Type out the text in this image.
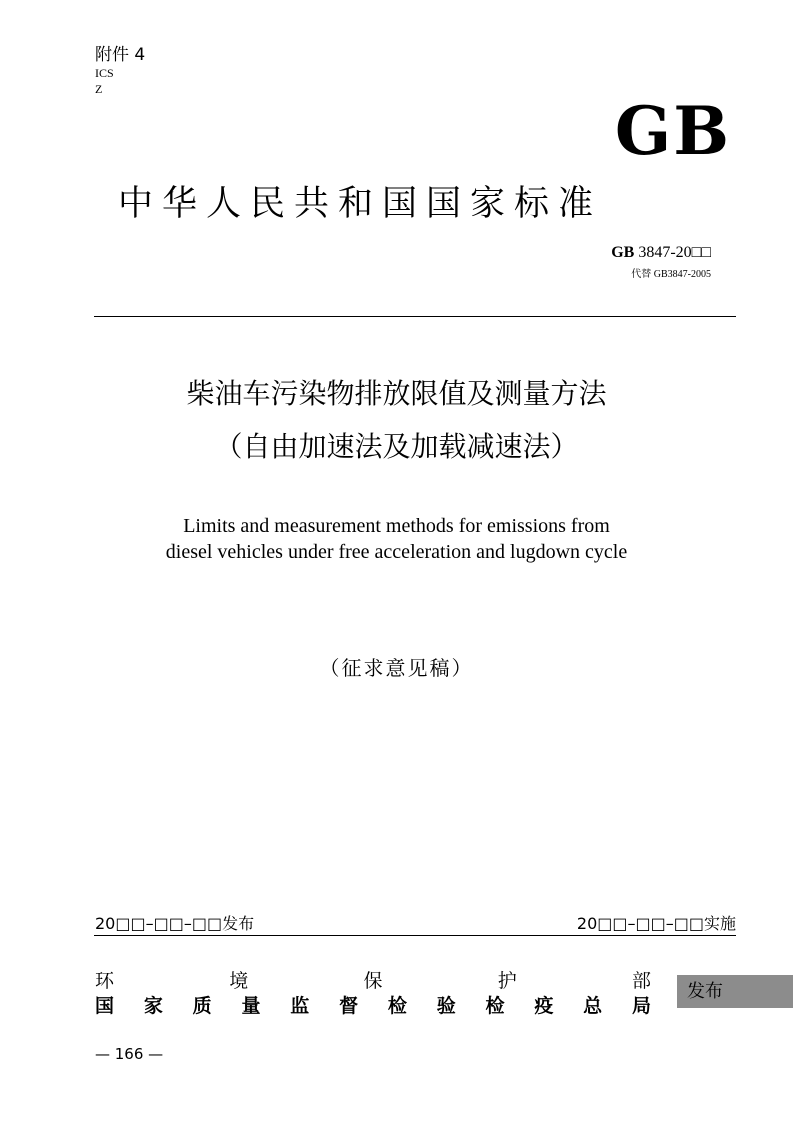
附件 4
ICS
Z
GB
中华人民共和国国家标准
GB 3847-20□□
代替 GB3847-2005
柴油车污染物排放限值及测量方法
（自由加速法及加载减速法）
Limits and measurement methods for emissions from
diesel vehicles under free acceleration and lugdown cycle
（征求意见稿）
20□□–□□–□□发布	20□□–□□–□□实施
环	境	保	护	部
国 家 质 量 监 督 检 验 检 疫 总 局
发布
— 166 —
